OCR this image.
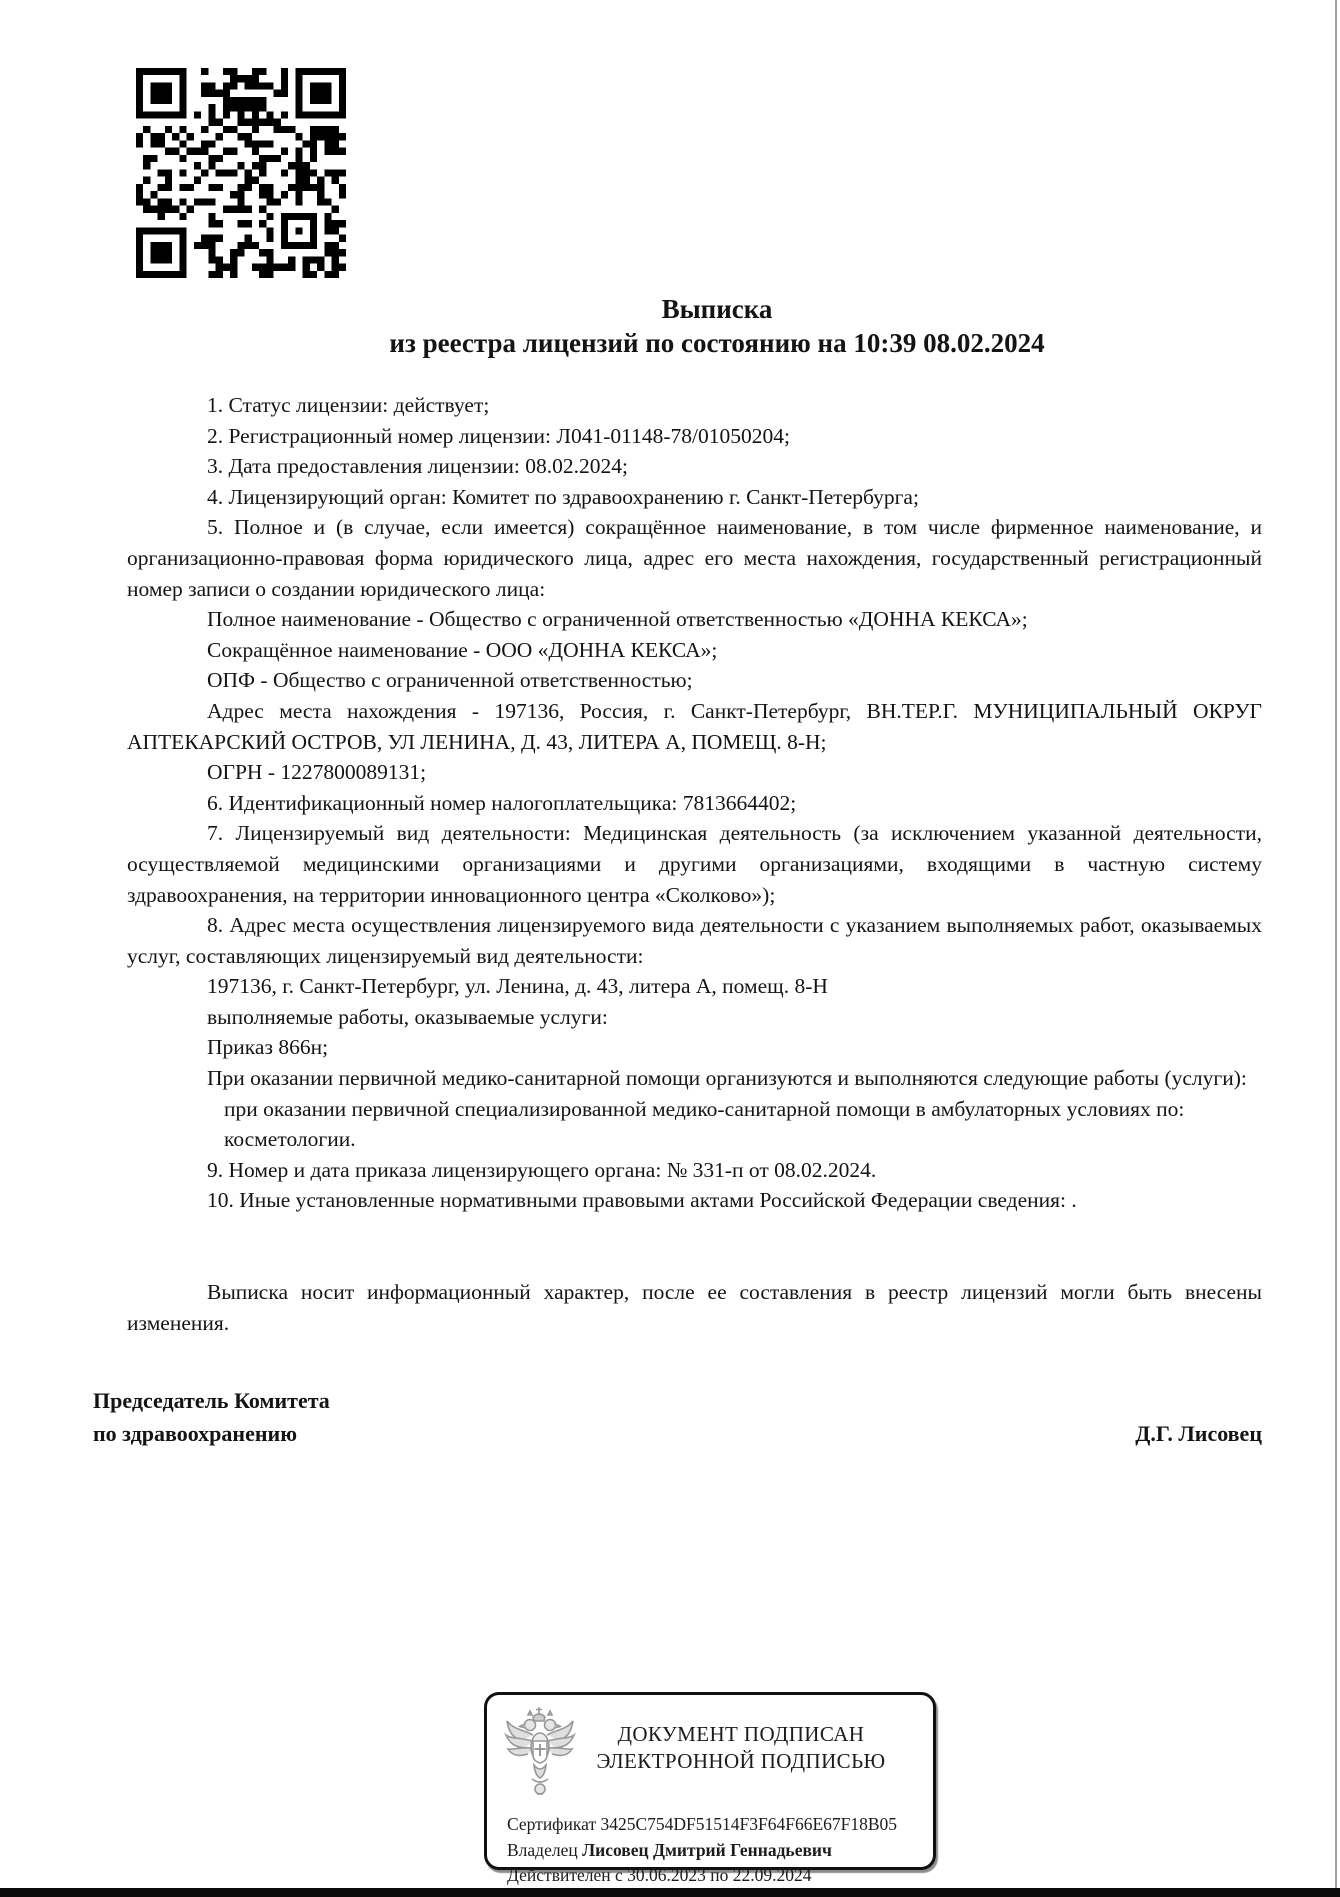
Выписка
из реестра лицензий по состоянию на 10:39 08.02.2024

1. Статус лицензии: действует;

2. Регистрационный номер лицензии: Л041-01148-78/01050204;

3. Дата предоставления лицензии: 08.02.2024;

4. Лицензирующий орган: Комитет по здравоохранению г. Санкт-Петербурга;

5. Полное и (в случае, если имеется) сокращённое наименование, в том числе фирменное наименование, и организационно-правовая форма юридического лица, адрес его места нахождения, государственный регистрационный номер записи о создании юридического лица:

Полное наименование - Общество с ограниченной ответственностью «ДОННА КЕКСА»;

Сокращённое наименование - ООО «ДОННА КЕКСА»;

ОПФ - Общество с ограниченной ответственностью;

Адрес места нахождения - 197136, Россия, г. Санкт-Петербург, ВН.ТЕР.Г. МУНИЦИПАЛЬНЫЙ ОКРУГ АПТЕКАРСКИЙ ОСТРОВ, УЛ ЛЕНИНА, Д. 43, ЛИТЕРА А, ПОМЕЩ. 8-Н;

ОГРН - 1227800089131;

6. Идентификационный номер налогоплательщика: 7813664402;

7. Лицензируемый вид деятельности: Медицинская деятельность (за исключением указанной деятельности, осуществляемой медицинскими организациями и другими организациями, входящими в частную систему здравоохранения, на территории инновационного центра «Сколково»);

8. Адрес места осуществления лицензируемого вида деятельности с указанием выполняемых работ, оказываемых услуг, составляющих лицензируемый вид деятельности:

197136, г. Санкт-Петербург, ул. Ленина, д. 43, литера А, помещ. 8-Н

выполняемые работы, оказываемые услуги:

Приказ 866н;

При оказании первичной медико-санитарной помощи организуются и выполняются следующие работы (услуги):

при оказании первичной специализированной медико-санитарной помощи в амбулаторных условиях по:

косметологии.

9. Номер и дата приказа лицензирующего органа: № 331-п от 08.02.2024.

10. Иные установленные нормативными правовыми актами Российской Федерации сведения: .

Выписка носит информационный характер, после ее составления в реестр лицензий могли быть внесены изменения.

Председатель Комитета
по здравоохранению	Д.Г. Лисовец
ДОКУМЕНТ ПОДПИСАН
ЭЛЕКТРОННОЙ ПОДПИСЬЮ
Сертификат 3425C754DF51514F3F64F66E67F18B05
Владелец Лисовец Дмитрий Геннадьевич
Действителен с 30.06.2023 по 22.09.2024
